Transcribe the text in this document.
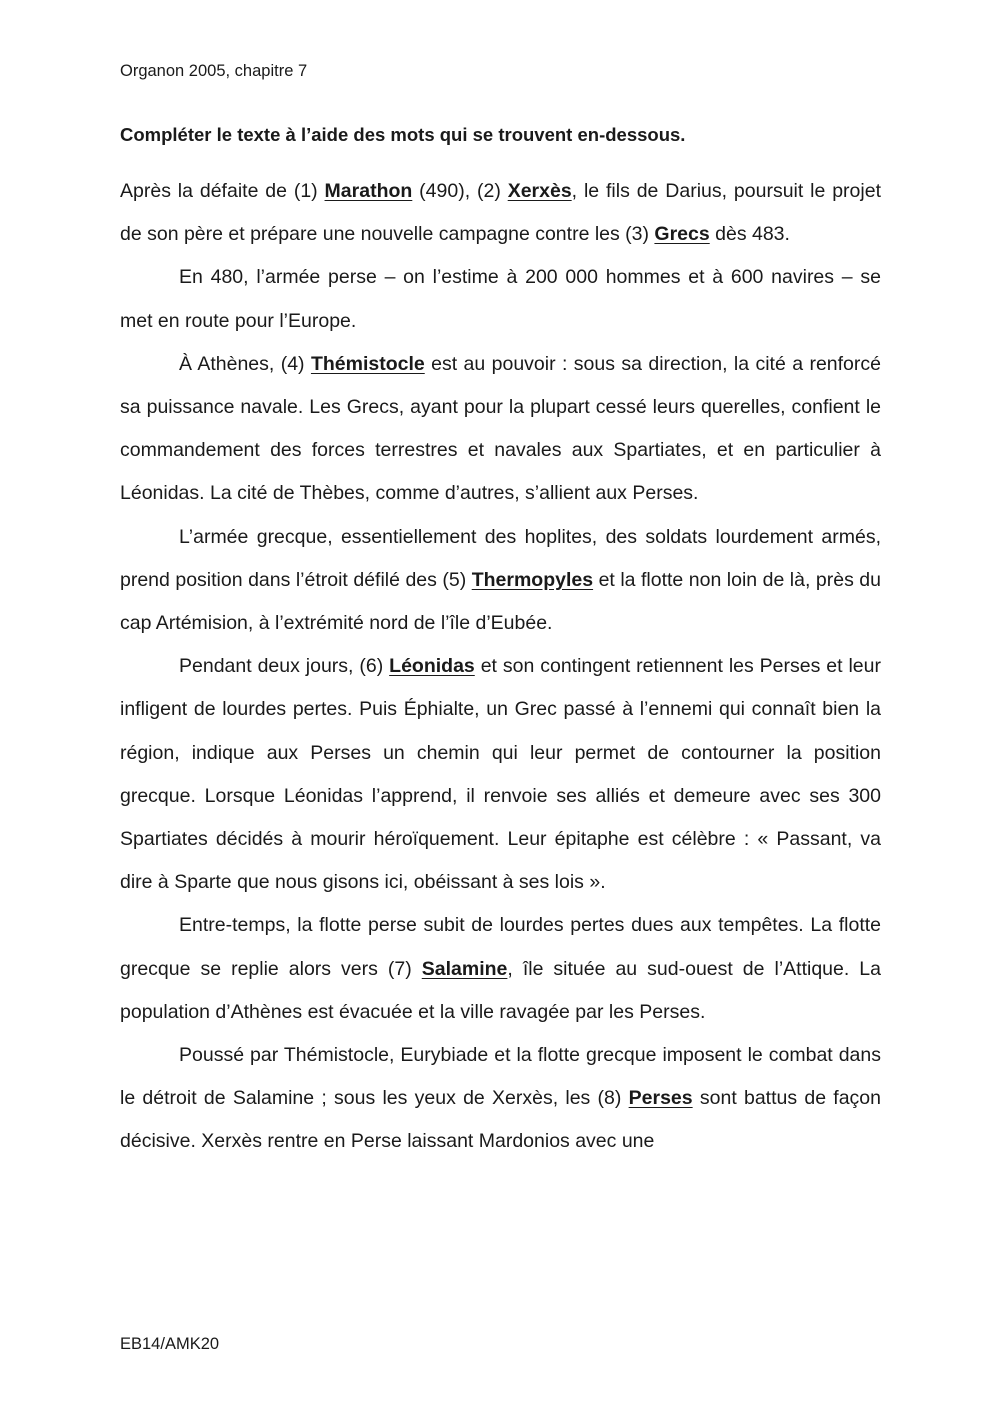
Organon 2005, chapitre 7
Compléter le texte à l’aide des mots qui se trouvent en-dessous.

Après la défaite de (1) Marathon (490), (2) Xerxès, le fils de Darius, poursuit le projet de son père et prépare une nouvelle campagne contre les (3) Grecs dès 483.

En 480, l’armée perse – on l’estime à 200 000 hommes et à 600 navires – se met en route pour l’Europe.

À Athènes, (4) Thémistocle est au pouvoir : sous sa direction, la cité a renforcé sa puissance navale. Les Grecs, ayant pour la plupart cessé leurs querelles, confient le commandement des forces terrestres et navales aux Spartiates, et en particulier à Léonidas. La cité de Thèbes, comme d’autres, s’allient aux Perses.

L’armée grecque, essentiellement des hoplites, des soldats lourdement armés, prend position dans l’étroit défilé des (5) Thermopyles et la flotte non loin de là, près du cap Artémision, à l’extrémité nord de l’île d’Eubée.

Pendant deux jours, (6) Léonidas et son contingent retiennent les Perses et leur infligent de lourdes pertes. Puis Éphialte, un Grec passé à l’ennemi qui connaît bien la région, indique aux Perses un chemin qui leur permet de contourner la position grecque. Lorsque Léonidas l’apprend, il renvoie ses alliés et demeure avec ses 300 Spartiates décidés à mourir héroïquement. Leur épitaphe est célèbre : « Passant, va dire à Sparte que nous gisons ici, obéissant à ses lois ».

Entre-temps, la flotte perse subit de lourdes pertes dues aux tempêtes. La flotte grecque se replie alors vers (7) Salamine, île située au sud-ouest de l’Attique. La population d’Athènes est évacuée et la ville ravagée par les Perses.

Poussé par Thémistocle, Eurybiade et la flotte grecque imposent le combat dans le détroit de Salamine ; sous les yeux de Xerxès, les (8) Perses sont battus de façon décisive. Xerxès rentre en Perse laissant Mardonios avec une

EB14/AMK20
